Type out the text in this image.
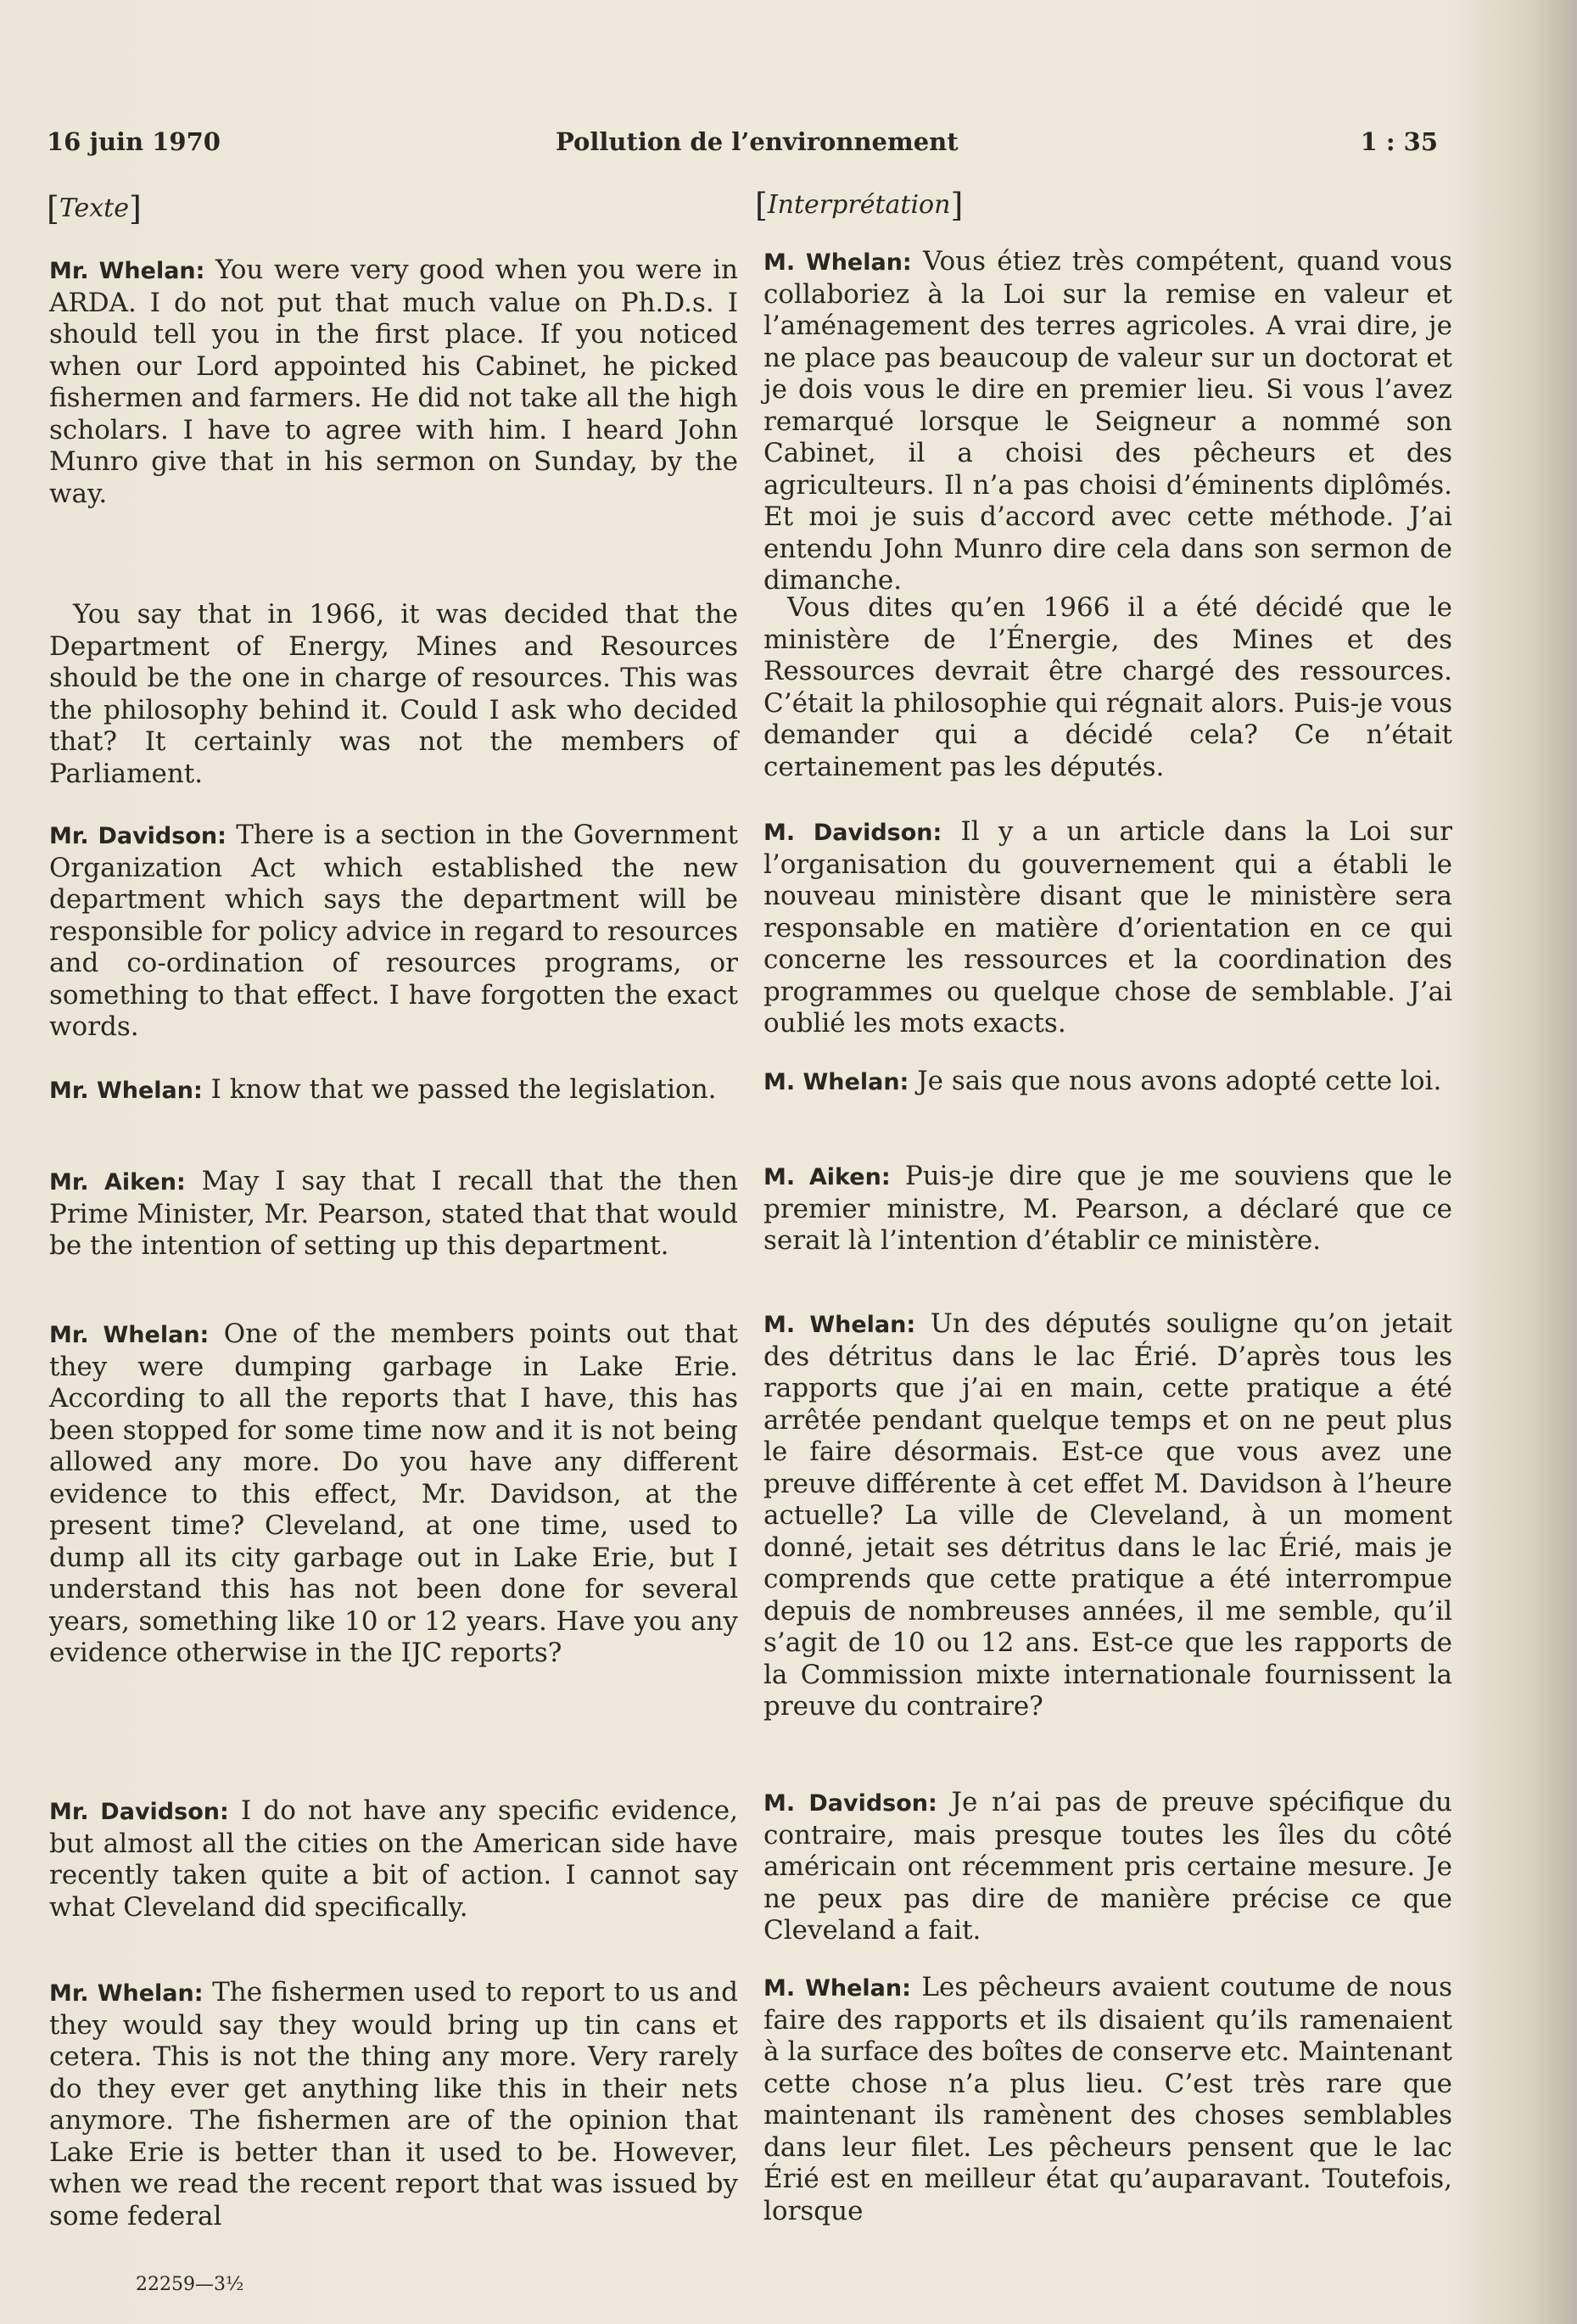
16 juin 1970	Pollution de l’environnement	1 : 35
[Texte]	[Interprétation]

Mr. Whelan: You were very good when you were in ARDA. I do not put that much value on Ph.D.s. I should tell you in the first place. If you noticed when our Lord appointed his Cabinet, he picked fishermen and farmers. He did not take all the high scholars. I have to agree with him. I heard John Munro give that in his sermon on Sunday, by the way.

You say that in 1966, it was decided that the Department of Energy, Mines and Resources should be the one in charge of resources. This was the philosophy behind it. Could I ask who decided that? It certainly was not the members of Parliament.

Mr. Davidson: There is a section in the Government Organization Act which established the new department which says the department will be responsible for policy advice in regard to resources and co-ordination of resources programs, or something to that effect. I have forgotten the exact words.

Mr. Whelan: I know that we passed the legislation.

Mr. Aiken: May I say that I recall that the then Prime Minister, Mr. Pearson, stated that that would be the intention of setting up this department.

Mr. Whelan: One of the members points out that they were dumping garbage in Lake Erie. According to all the reports that I have, this has been stopped for some time now and it is not being allowed any more. Do you have any different evidence to this effect, Mr. Davidson, at the present time? Cleveland, at one time, used to dump all its city garbage out in Lake Erie, but I understand this has not been done for several years, something like 10 or 12 years. Have you any evidence otherwise in the IJC reports?

Mr. Davidson: I do not have any specific evidence, but almost all the cities on the American side have recently taken quite a bit of action. I cannot say what Cleveland did specifically.

Mr. Whelan: The fishermen used to report to us and they would say they would bring up tin cans et cetera. This is not the thing any more. Very rarely do they ever get anything like this in their nets anymore. The fishermen are of the opinion that Lake Erie is better than it used to be. However, when we read the recent report that was issued by some federal

M. Whelan: Vous étiez très compétent, quand vous collaboriez à la Loi sur la remise en valeur et l’aménagement des terres agricoles. A vrai dire, je ne place pas beaucoup de valeur sur un doctorat et je dois vous le dire en premier lieu. Si vous l’avez remarqué lorsque le Seigneur a nommé son Cabinet, il a choisi des pêcheurs et des agriculteurs. Il n’a pas choisi d’éminents diplômés. Et moi je suis d’accord avec cette méthode. J’ai entendu John Munro dire cela dans son sermon de dimanche.

Vous dites qu’en 1966 il a été décidé que le ministère de l’Énergie, des Mines et des Ressources devrait être chargé des ressources. C’était la philosophie qui régnait alors. Puis-je vous demander qui a décidé cela? Ce n’était certainement pas les députés.

M. Davidson: Il y a un article dans la Loi sur l’organisation du gouvernement qui a établi le nouveau ministère disant que le ministère sera responsable en matière d’orientation en ce qui concerne les ressources et la coordination des programmes ou quelque chose de semblable. J’ai oublié les mots exacts.

M. Whelan: Je sais que nous avons adopté cette loi.

M. Aiken: Puis-je dire que je me souviens que le premier ministre, M. Pearson, a déclaré que ce serait là l’intention d’établir ce ministère.

M. Whelan: Un des députés souligne qu’on jetait des détritus dans le lac Érié. D’après tous les rapports que j’ai en main, cette pratique a été arrêtée pendant quelque temps et on ne peut plus le faire désormais. Est-ce que vous avez une preuve différente à cet effet M. Davidson à l’heure actuelle? La ville de Cleveland, à un moment donné, jetait ses détritus dans le lac Érié, mais je comprends que cette pratique a été interrompue depuis de nombreuses années, il me semble, qu’il s’agit de 10 ou 12 ans. Est-ce que les rapports de la Commission mixte internationale fournissent la preuve du contraire?

M. Davidson: Je n’ai pas de preuve spécifique du contraire, mais presque toutes les îles du côté américain ont récemment pris certaine mesure. Je ne peux pas dire de manière précise ce que Cleveland a fait.

M. Whelan: Les pêcheurs avaient coutume de nous faire des rapports et ils disaient qu’ils ramenaient à la surface des boîtes de conserve etc. Maintenant cette chose n’a plus lieu. C’est très rare que maintenant ils ramènent des choses semblables dans leur filet. Les pêcheurs pensent que le lac Érié est en meilleur état qu’auparavant. Toutefois, lorsque

22259—3½
